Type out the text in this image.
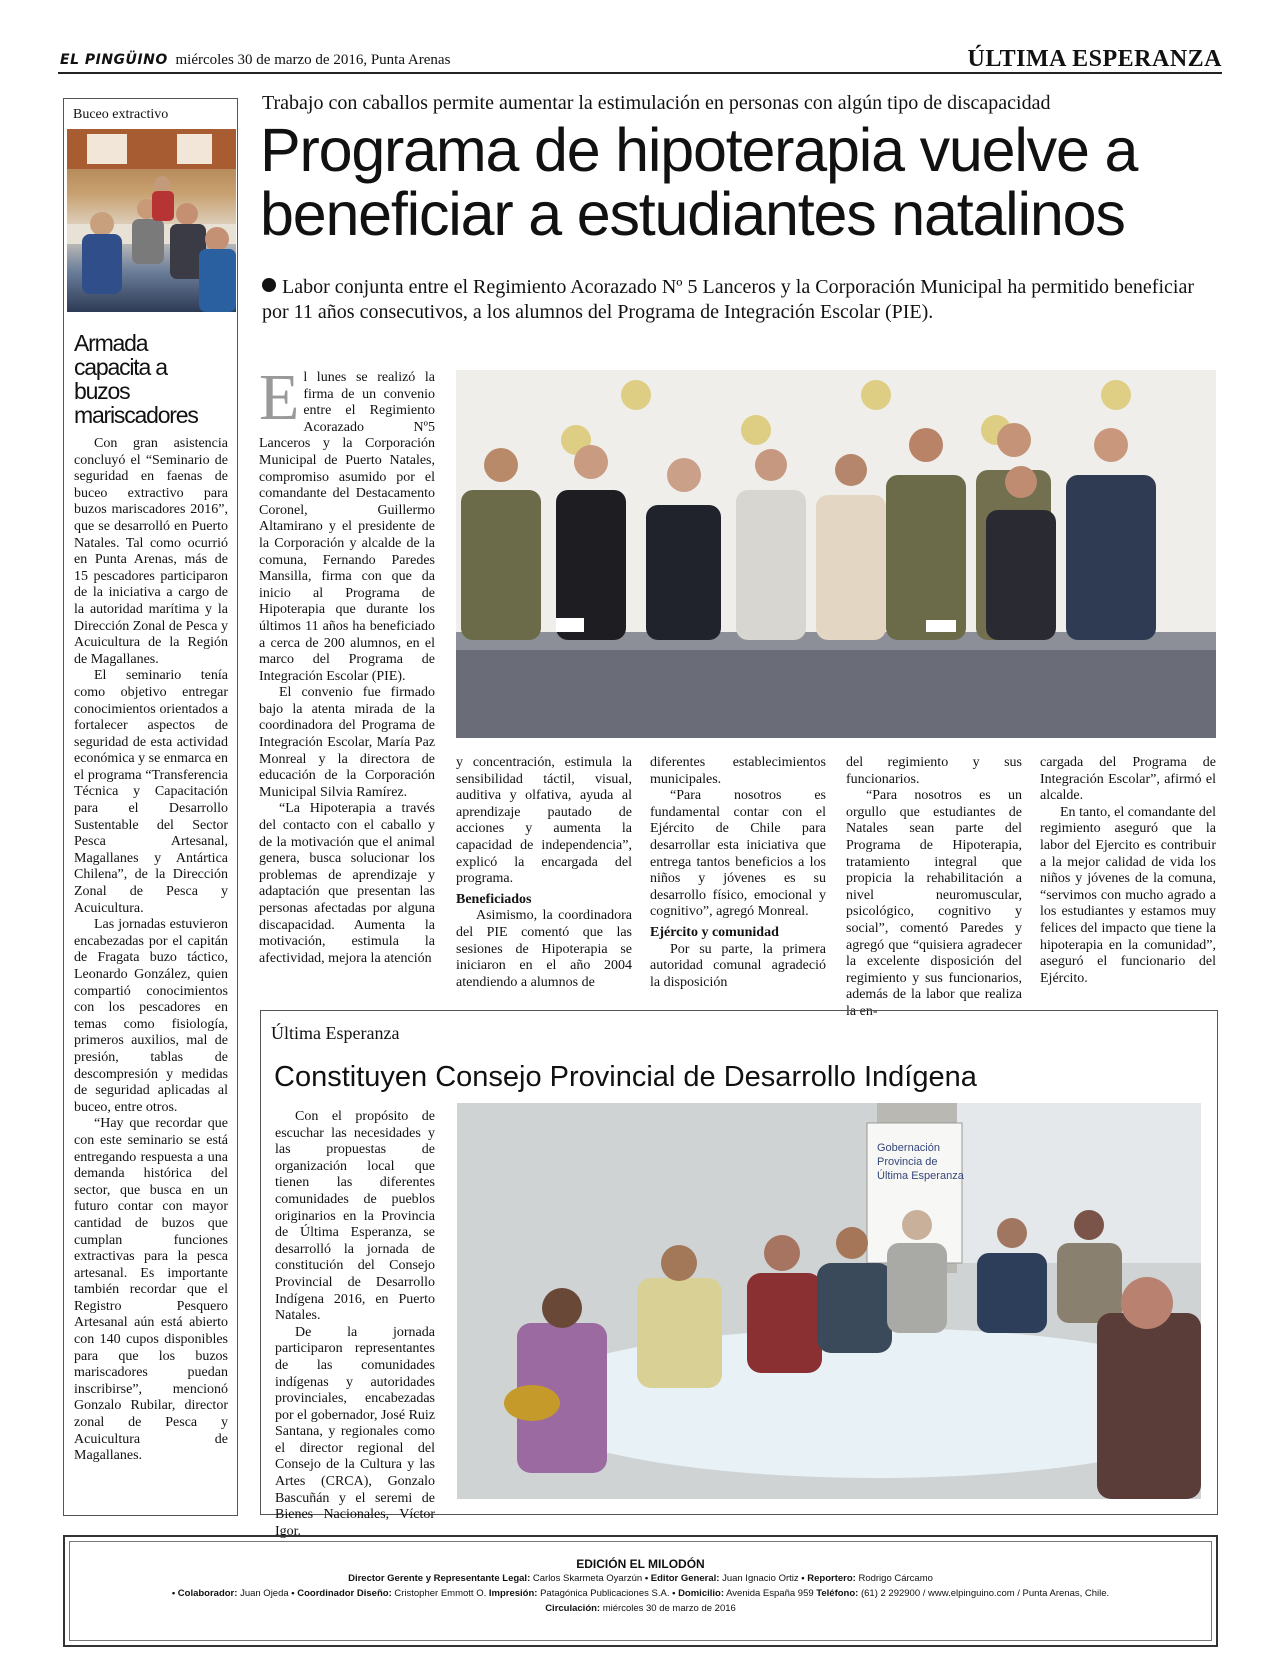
EL PINGÜINO miércoles 30 de marzo de 2016, Punta Arenas	ÚLTIMA ESPERANZA
Buceo extractivo
Armada capacita a buzos mariscadores

Con gran asistencia concluyó el “Seminario de seguridad en faenas de buceo extractivo para buzos mariscadores 2016”, que se desarrolló en Puerto Natales. Tal como ocurrió en Punta Arenas, más de 15 pescadores participaron de la iniciativa a cargo de la autoridad marítima y la Dirección Zonal de Pesca y Acuicultura de la Región de Magallanes.

El seminario tenía como objetivo entregar conocimientos orientados a fortalecer aspectos de seguridad de esta actividad económica y se enmarca en el programa “Transferencia Técnica y Capacitación para el Desarrollo Sustentable del Sector Pesca Artesanal, Magallanes y Antártica Chilena”, de la Dirección Zonal de Pesca y Acuicultura.

Las jornadas estuvieron encabezadas por el capitán de Fragata buzo táctico, Leonardo González, quien compartió conocimientos con los pescadores en temas como fisiología, primeros auxilios, mal de presión, tablas de descompresión y medidas de seguridad aplicadas al buceo, entre otros.

“Hay que recordar que con este seminario se está entregando respuesta a una demanda histórica del sector, que busca en un futuro contar con mayor cantidad de buzos que cumplan funciones extractivas para la pesca artesanal. Es importante también recordar que el Registro Pesquero Artesanal aún está abierto con 140 cupos disponibles para que los buzos mariscadores puedan inscribirse”, mencionó Gonzalo Rubilar, director zonal de Pesca y Acuicultura de Magallanes.

Trabajo con caballos permite aumentar la estimulación en personas con algún tipo de discapacidad
Programa de hipoterapia vuelve a beneficiar a estudiantes natalinos
Labor conjunta entre el Regimiento Acorazado Nº 5 Lanceros y la Corporación Municipal ha permitido beneficiar por 11 años consecutivos, a los alumnos del Programa de Integración Escolar (PIE).

El lunes se realizó la firma de un convenio entre el Regimiento Acorazado Nº5 Lanceros y la Corporación Municipal de Puerto Natales, compromiso asumido por el comandante del Destacamento Coronel, Guillermo Altamirano y el presidente de la Corporación y alcalde de la comuna, Fernando Paredes Mansilla, firma con que da inicio al Programa de Hipoterapia que durante los últimos 11 años ha beneficiado a cerca de 200 alumnos, en el marco del Programa de Integración Escolar (PIE).

El convenio fue firmado bajo la atenta mirada de la coordinadora del Programa de Integración Escolar, María Paz Monreal y la directora de educación de la Corporación Municipal Silvia Ramírez.

“La Hipoterapia a través del contacto con el caballo y de la motivación que el animal genera, busca solucionar los problemas de aprendizaje y adaptación que presentan las personas afectadas por alguna discapacidad. Aumenta la motivación, estimula la afectividad, mejora la atención

y concentración, estimula la sensibilidad táctil, visual, auditiva y olfativa, ayuda al aprendizaje pautado de acciones y aumenta la capacidad de independencia”, explicó la encargada del programa.

Beneficiados

Asimismo, la coordinadora del PIE comentó que las sesiones de Hipoterapia se iniciaron en el año 2004 atendiendo a alumnos de

diferentes establecimientos municipales.

“Para nosotros es fundamental contar con el Ejército de Chile para desarrollar esta iniciativa que entrega tantos beneficios a los niños y jóvenes es su desarrollo físico, emocional y cognitivo”, agregó Monreal.

Ejército y comunidad

Por su parte, la primera autoridad comunal agradeció la disposición

del regimiento y sus funcionarios.

“Para nosotros es un orgullo que estudiantes de Natales sean parte del Programa de Hipoterapia, tratamiento integral que propicia la rehabilitación a nivel neuromuscular, psicológico, cognitivo y social”, comentó Paredes y agregó que “quisiera agradecer la excelente disposición del regimiento y sus funcionarios, además de la labor que realiza la en-

cargada del Programa de Integración Escolar”, afirmó el alcalde.

En tanto, el comandante del regimiento aseguró que la labor del Ejercito es contribuir a la mejor calidad de vida los niños y jóvenes de la comuna, “servimos con mucho agrado a los estudiantes y estamos muy felices del impacto que tiene la hipoterapia en la comunidad”, aseguró el funcionario del Ejército.

Última Esperanza
Constituyen Consejo Provincial de Desarrollo Indígena

Con el propósito de escuchar las necesidades y las propuestas de organización local que tienen las diferentes comunidades de pueblos originarios en la Provincia de Última Esperanza, se desarrolló la jornada de constitución del Consejo Provincial de Desarrollo Indígena 2016, en Puerto Natales.

De la jornada participaron representantes de las comunidades indígenas y autoridades provinciales, encabezadas por el gobernador, José Ruiz Santana, y regionales como el director regional del Consejo de la Cultura y las Artes (CRCA), Gonzalo Bascuñán y el seremi de Bienes Nacionales, Víctor Igor.

Gobernación
Provincia de
Última Esperanza
EDICIÓN EL MILODÓN
Director Gerente y Representante Legal: Carlos Skarmeta Oyarzún • Editor General: Juan Ignacio Ortiz • Reportero: Rodrigo Cárcamo
• Colaborador: Juan Ojeda • Coordinador Diseño: Cristopher Emmott O. Impresión: Patagónica Publicaciones S.A. • Domicilio: Avenida España 959 Teléfono: (61) 2 292900 / www.elpinguino.com / Punta Arenas, Chile.
Circulación: miércoles 30 de marzo de 2016
